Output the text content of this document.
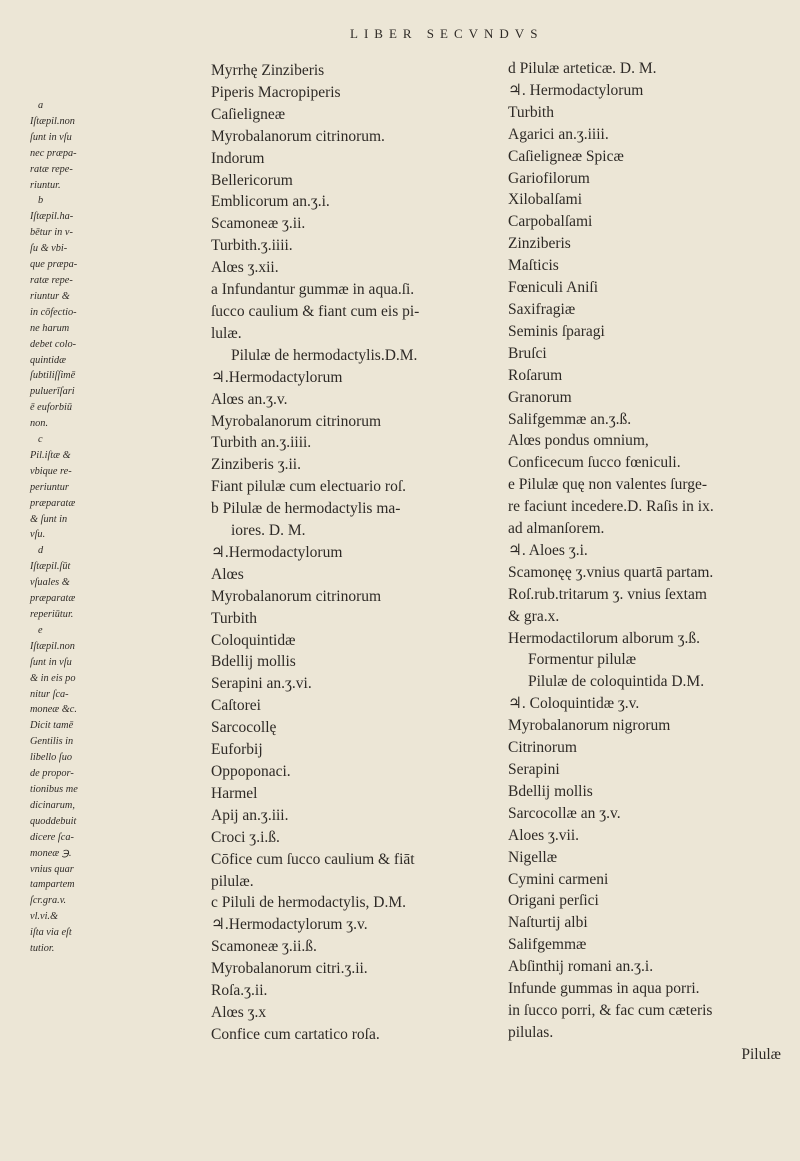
LIBER SECVNDVS
a
Iſtæpil.non
ſunt in vſu
nec præpa-
ratæ repe-
riuntur.
b
Iſtæpil.ha-
bētur in v-
ſu & vbi-
que præpa-
ratæ repe-
riuntur &
in cōfectio-
ne harum
debet colo-
quintidæ
ſubtiliſſimē
puluerīſari
ē euforbiū
non.
c
Pil.iſtæ &
vbique re-
periuntur
præparatæ
& ſunt in
vſu.
d
Iſtæpil.ſūt
vſuales &
præparatæ
reperiūtur.
e
Iſtæpil.non
ſunt in vſu
& in eis po
nitur ſca-
moneæ &c.
Dicit tamē
Gentilis in
libello ſuo
de propor-
tionibus me
dicinarum,
quoddebuit
dicere ſca-
moneæ ℈.
vnius quar
tampartem
ſcr.gra.v.
vl.vi.&
iſta via eſt
tutior.
Myrrhę Zinziberis
Piperis Macropiperis
Caſieligneæ
Myrobalanorum citrinorum.
Indorum
Bellericorum
Emblicorum an.ʒ.i.
Scamoneæ ʒ.ii.
Turbith.ʒ.iiii.
Alœs ʒ.xii.
a Infundantur gummæ in aqua.ſi.
ſucco caulium & fiant cum eis pi-
lulæ.
Pilulæ de hermodactylis.D.M.
♃.Hermodactylorum
Alœs an.ʒ.v.
Myrobalanorum citrinorum
Turbith an.ʒ.iiii.
Zinziberis ʒ.ii.
Fiant pilulæ cum electuario roſ.
b Pilulæ de hermodactylis ma-
iores. D. M.
♃.Hermodactylorum
Alœs
Myrobalanorum citrinorum
Turbith
Coloquintidæ
Bdellij mollis
Serapini an.ʒ.vi.
Caſtorei
Sarcocollę
Euforbij
Oppoponaci.
Harmel
Apij an.ʒ.iii.
Croci ʒ.i.ß.
Cōfice cum ſucco caulium & fiāt
pilulæ.
c Piluli de hermodactylis, D.M.
♃.Hermodactylorum ʒ.v.
Scamoneæ ʒ.ii.ß.
Myrobalanorum citri.ʒ.ii.
Roſa.ʒ.ii.
Alœs ʒ.x
Confice cum cartatico roſa.
d Pilulæ arteticæ. D. M.
♃. Hermodactylorum
Turbith
Agarici an.ʒ.iiii.
Caſieligneæ Spicæ
Gariofilorum
Xilobalſami
Carpobalſami
Zinziberis
Maſticis
Fœniculi Aniſi
Saxifragiæ
Seminis ſparagi
Bruſci
Roſarum
Granorum
Salifgemmæ an.ʒ.ß.
Alœs pondus omnium,
Conficecum ſucco fœniculi.
e Pilulæ quę non valentes ſurge-
re faciunt incedere.D. Raſis in ix.
ad almanſorem.
♃. Aloes ʒ.i.
Scamonęę ʒ.vnius quartā partam.
Roſ.rub.tritarum ʒ. vnius ſextam
& gra.x.
Hermodactilorum alborum ʒ.ß.
Formentur pilulæ
Pilulæ de coloquintida D.M.
♃. Coloquintidæ ʒ.v.
Myrobalanorum nigrorum
Citrinorum
Serapini
Bdellij mollis
Sarcocollæ an ʒ.v.
Aloes ʒ.vii.
Nigellæ
Cymini carmeni
Origani perſici
Naſturtij albi
Salifgemmæ
Abſinthij romani an.ʒ.i.
Infunde gummas in aqua porri.
in ſucco porri, & fac cum cæteris
pilulas.
Pilulæ
